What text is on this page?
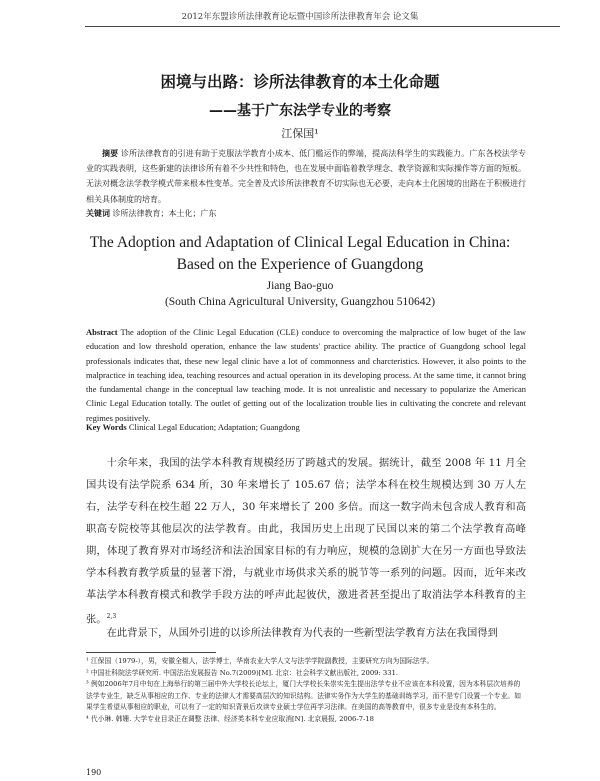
2012年东盟诊所法律教育论坛暨中国诊所法律教育年会 论文集
困境与出路：诊所法律教育的本土化命题
——基于广东法学专业的考察
江保国¹
摘要 诊所法律教育的引进有助于克服法学教育小成本、低门槛运作的弊端，提高法科学生的实践能力。广东各校法学专业的实践表明，这些新建的法律诊所有着不少共性和特色，也在发展中面临着教学理念、教学资源和实际操作等方面的短板。无法对概念法学教学模式带来根本性变革。完全普及式诊所法律教育不切实际也无必要，走向本土化困境的出路在于积极进行相关具体制度的培育。
关键词 诊所法律教育；本土化；广东
The Adoption and Adaptation of Clinical Legal Education in China: Based on the Experience of Guangdong
Jiang Bao-guo
(South China Agricultural University, Guangzhou 510642)
Abstract The adoption of the Clinic Legal Education (CLE) conduce to overcoming the malpractice of low buget of the law education and low threshold operation, enhance the law students' practice ability. The practice of Guangdong school legal professionals indicates that, these new legal clinic have a lot of commonness and charcteristics. However, it also points to the malpractice in teaching idea, teaching resources and actual operation in its developing process. At the same time, it cannot bring the fundamental change in the conceptual law teaching mode. It is not unrealistic and necessary to popularize the American Clinic Legal Education totally. The outlet of getting out of the localization trouble lies in cultivating the concrete and relevant regimes positively.
Key Words Clinical Legal Education; Adaptation; Guangdong
十余年来，我国的法学本科教育规模经历了跨越式的发展。据统计，截至 2008 年 11 月全国共设有法学院系 634 所，30 年来增长了 105.67 倍；法学本科在校生规模达到 30 万人左右，法学专科在校生超 22 万人，30 年来增长了 200 多倍。而这一数字尚未包含成人教育和高职高专院校等其他层次的法学教育。由此，我国历史上出现了民国以来的第二个法学教育高峰期，体现了教育界对市场经济和法治国家目标的有力响应，规模的急剧扩大在另一方面也导致法学本科教育教学质量的显著下滑，与就业市场供求关系的脱节等一系列的问题。因而，近年来改革法学本科教育模式和教学手段方法的呼声此起彼伏，激进者甚至提出了取消法学本科教育的主张。$^{2,3}$
在此背景下，从国外引进的以诊所法律教育为代表的一些新型法学教育方法在我国得到
¹ 江保国（1979-），男，安徽全椒人，法学博士，华南农业大学人文与法学学院副教授，主要研究方向为国际法学。
² 中国社科院法学研究所. 中国法治发展报告 No.7(2009)[M]. 北京：社会科学文献出版社, 2009: 331.
³ 例如2006年7月中旬在上海举行的第三届中外大学校长论坛上，厦门大学校长朱崇实先生提出法学专业不应该在本科设置，因为本科层次培养的法学专业生，缺乏从事相应的工作、专业的法律人才需要高层次的知识结构。法律实务作为大学生的基础训练学习，而不是专门设置一个专业。如果学生希望从事相应的职业，可以有了一定的知识背景后攻读专业硕士学位再学习法律。在美国的高等教育中，很多专业是没有本科生的。
⁴ 代小琳. 韩姗. 大学专业目录正在调整 法律、经济类本科专业应取消[N]. 北京晨报, 2006-7-18
190
